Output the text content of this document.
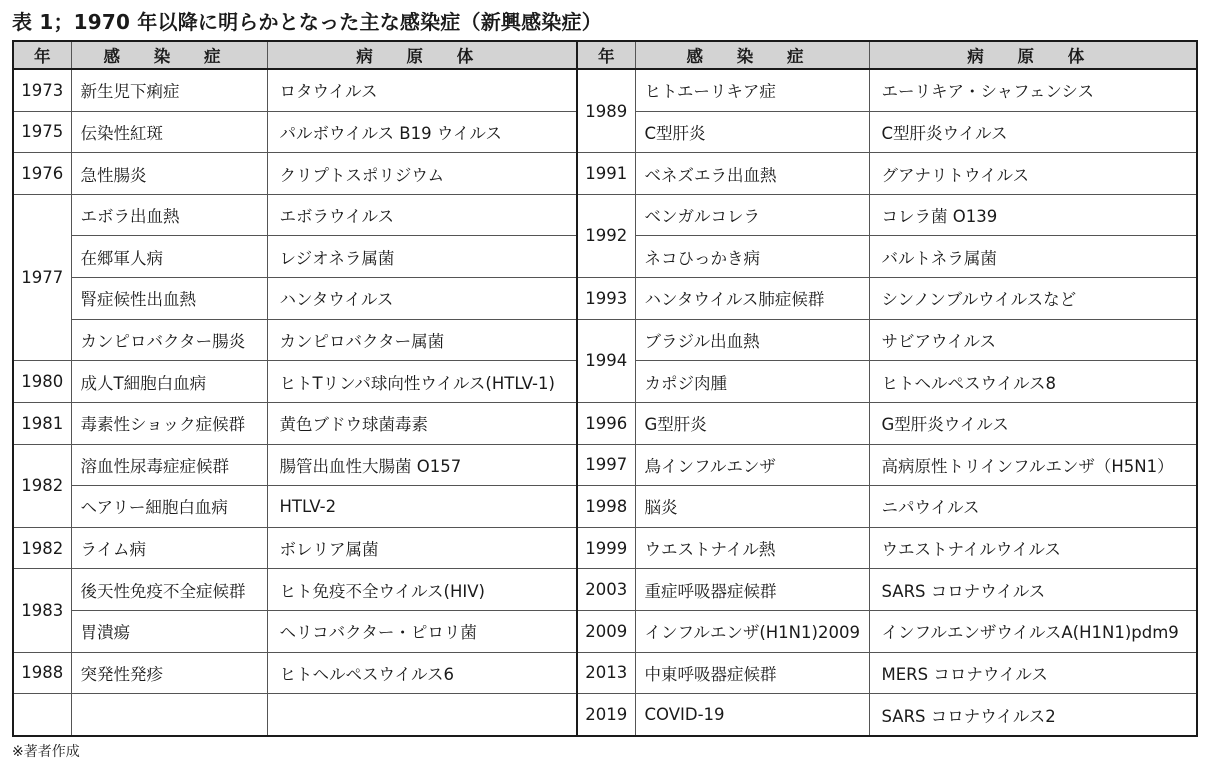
表 1；1970 年以降に明らかとなった主な感染症（新興感染症）
年	感 染 症	病 原 体	年	感 染 症	病 原 体
1973	新生児下痢症	ロタウイルス	1989	ヒトエーリキア症	エーリキア・シャフェンシス
1975	伝染性紅斑	パルボウイルス B19 ウイルス		C型肝炎	C型肝炎ウイルス
1976	急性腸炎	クリプトスポリジウム	1991	ベネズエラ出血熱	グアナリトウイルス
1977	エボラ出血熱	エボラウイルス	1992	ベンガルコレラ	コレラ菌 O139
	在郷軍人病	レジオネラ属菌		ネコひっかき病	バルトネラ属菌
	腎症候性出血熱	ハンタウイルス	1993	ハンタウイルス肺症候群	シンノンブルウイルスなど
	カンピロバクター腸炎	カンピロバクター属菌	1994	ブラジル出血熱	サビアウイルス
1980	成人T細胞白血病	ヒトTリンパ球向性ウイルス(HTLV-1)		カポジ肉腫	ヒトヘルペスウイルス8
1981	毒素性ショック症候群	黄色ブドウ球菌毒素	1996	G型肝炎	G型肝炎ウイルス
1982	溶血性尿毒症症候群	腸管出血性大腸菌 O157	1997	鳥インフルエンザ	高病原性トリインフルエンザ（H5N1）
	ヘアリー細胞白血病	HTLV-2	1998	脳炎	ニパウイルス
1982	ライム病	ボレリア属菌	1999	ウエストナイル熱	ウエストナイルウイルス
1983	後天性免疫不全症候群	ヒト免疫不全ウイルス(HIV)	2003	重症呼吸器症候群	SARS コロナウイルス
	胃潰瘍	ヘリコバクター・ピロリ菌	2009	インフルエンザ(H1N1)2009	インフルエンザウイルスA(H1N1)pdm9
1988	突発性発疹	ヒトヘルペスウイルス6	2013	中東呼吸器症候群	MERS コロナウイルス
			2019	COVID-19	SARS コロナウイルス2
※著者作成
